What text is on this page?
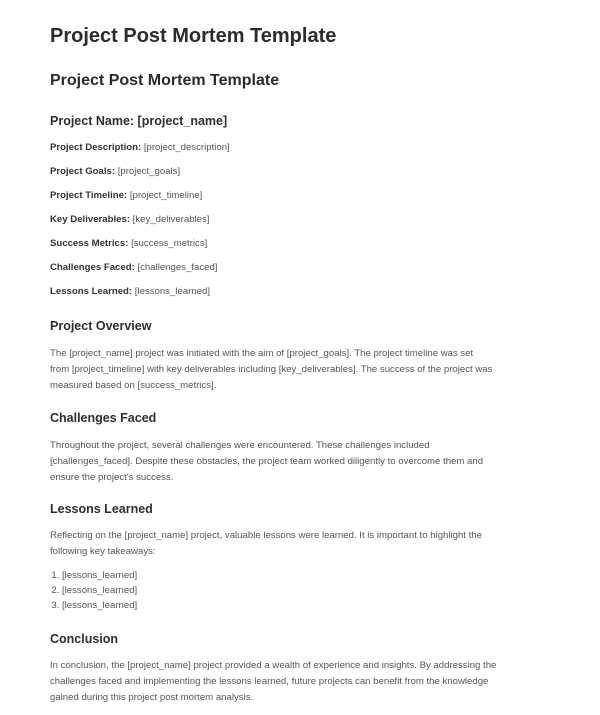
Project Post Mortem Template
Project Post Mortem Template
Project Name: [project_name]
Project Description: [project_description]
Project Goals: [project_goals]
Project Timeline: [project_timeline]
Key Deliverables: [key_deliverables]
Success Metrics: [success_metrics]
Challenges Faced: [challenges_faced]
Lessons Learned: [lessons_learned]
Project Overview
The [project_name] project was initiated with the aim of [project_goals]. The project timeline was set
from [project_timeline] with key deliverables including [key_deliverables]. The success of the project was
measured based on [success_metrics].
Challenges Faced
Throughout the project, several challenges were encountered. These challenges included
[challenges_faced]. Despite these obstacles, the project team worked diligently to overcome them and
ensure the project's success.
Lessons Learned
Reflecting on the [project_name] project, valuable lessons were learned. It is important to highlight the
following key takeaways:
1. [lessons_learned]
2. [lessons_learned]
3. [lessons_learned]
Conclusion
In conclusion, the [project_name] project provided a wealth of experience and insights. By addressing the
challenges faced and implementing the lessons learned, future projects can benefit from the knowledge
gained during this project post mortem analysis.
